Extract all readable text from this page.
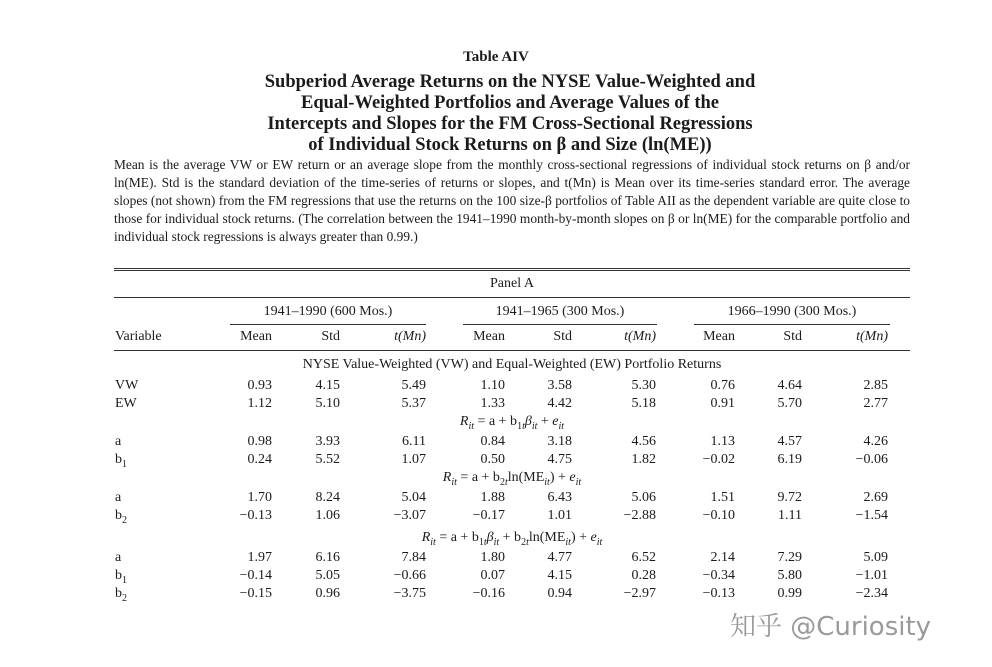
Table AIV
Subperiod Average Returns on the NYSE Value-Weighted and
Equal-Weighted Portfolios and Average Values of the
Intercepts and Slopes for the FM Cross-Sectional Regressions
of Individual Stock Returns on β and Size (ln(ME))
Mean is the average VW or EW return or an average slope from the monthly cross-sectional regressions of individual stock returns on β and/or ln(ME). Std is the standard deviation of the time-series of returns or slopes, and t(Mn) is Mean over its time-series standard error. The average slopes (not shown) from the FM regressions that use the returns on the 100 size-β portfolios of Table AII as the dependent variable are quite close to those for individual stock returns. (The correlation between the 1941–1990 month-by-month slopes on β or ln(ME) for the comparable portfolio and individual stock regressions is always greater than 0.99.)
Panel A
1941–1990 (600 Mos.)	1941–1965 (300 Mos.)	1966–1990 (300 Mos.)
Variable	Mean	Std	t(Mn)	Mean	Std	t(Mn)	Mean	Std	t(Mn)
NYSE Value-Weighted (VW) and Equal-Weighted (EW) Portfolio Returns
$R_{it} = a + b_{1t}\beta_{it} + e_{it}$
$R_{it} = a + b_{2t}\ln(ME_{it}) + e_{it}$
$R_{it} = a + b_{1t}\beta_{it} + b_{2t}\ln(ME_{it}) + e_{it}$
VW	0.93	4.15	5.49	1.10	3.58	5.30	0.76	4.64	2.85
EW	1.12	5.10	5.37	1.33	4.42	5.18	0.91	5.70	2.77
a	0.98	3.93	6.11	0.84	3.18	4.56	1.13	4.57	4.26
$b_1$	0.24	5.52	1.07	0.50	4.75	1.82	−0.02	6.19	−0.06
a	1.70	8.24	5.04	1.88	6.43	5.06	1.51	9.72	2.69
$b_2$	−0.13	1.06	−3.07	−0.17	1.01	−2.88	−0.10	1.11	−1.54
a	1.97	6.16	7.84	1.80	4.77	6.52	2.14	7.29	5.09
$b_1$	−0.14	5.05	−0.66	0.07	4.15	0.28	−0.34	5.80	−1.01
$b_2$	−0.15	0.96	−3.75	−0.16	0.94	−2.97	−0.13	0.99	−2.34
知乎 @Curiosity
